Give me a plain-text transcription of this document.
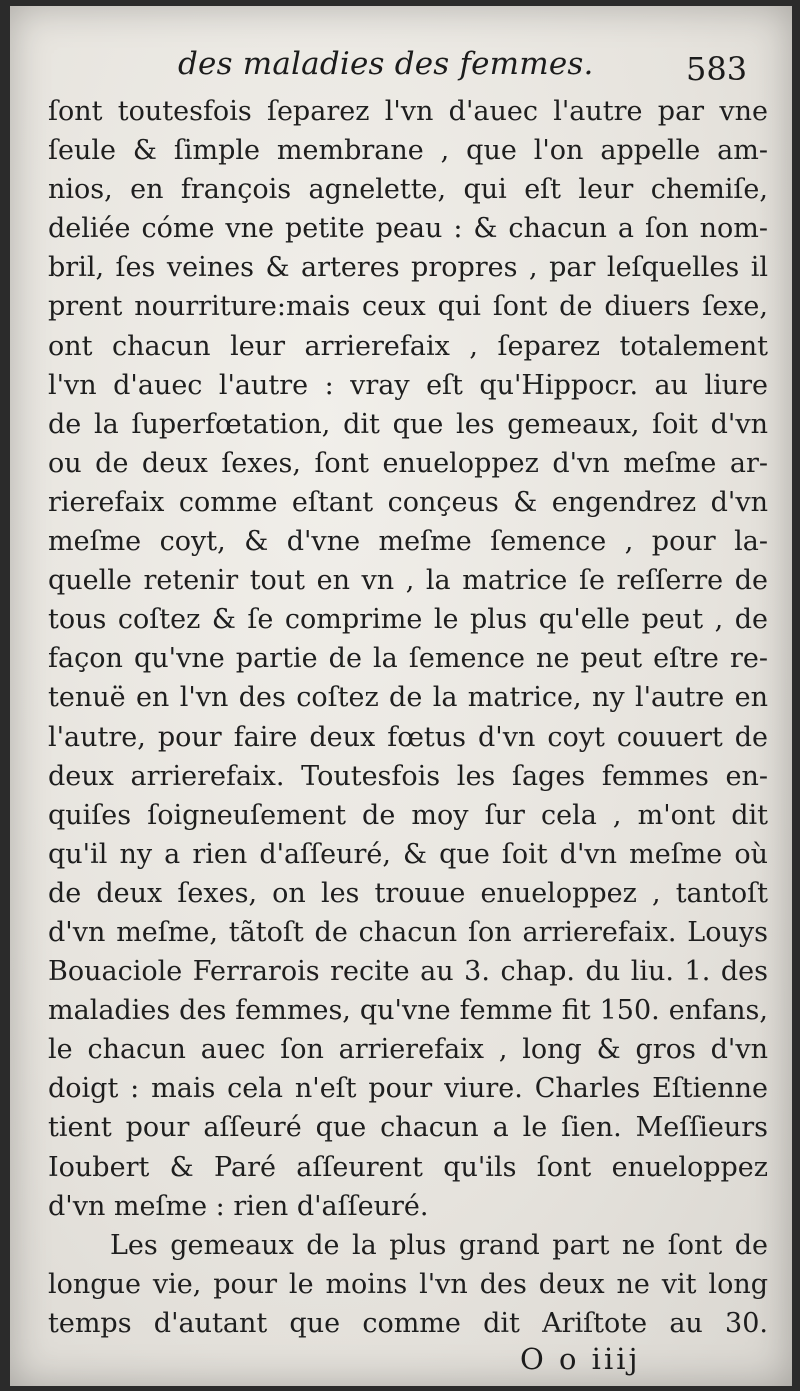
des maladies des femmes.	583
ſont toutesfois ſeparez l'vn d'auec l'autre par vne
ſeule & ſimple membrane , que l'on appelle am-
nios, en françois agnelette, qui eſt leur chemiſe,
deliée cóme vne petite peau : & chacun a ſon nom-
bril, ſes veines & arteres propres , par leſquelles il
prent nourriture:mais ceux qui ſont de diuers ſexe,
ont chacun leur arrierefaix , ſeparez totalement
l'vn d'auec l'autre : vray eſt qu'Hippocr. au liure
de la ſuperfœtation, dit que les gemeaux, ſoit d'vn
ou de deux ſexes, ſont enueloppez d'vn meſme ar-
rierefaix comme eſtant conçeus & engendrez d'vn
meſme coyt, & d'vne meſme ſemence , pour la-
quelle retenir tout en vn , la matrice ſe reſſerre de
tous coſtez & ſe comprime le plus qu'elle peut , de
façon qu'vne partie de la ſemence ne peut eſtre re-
tenuë en l'vn des coſtez de la matrice, ny l'autre en
l'autre, pour faire deux fœtus d'vn coyt couuert de
deux arrierefaix. Toutesfois les ſages femmes en-
quiſes ſoigneuſement de moy ſur cela , m'ont dit
qu'il ny a rien d'aſſeuré, & que ſoit d'vn meſme où
de deux ſexes, on les trouue enueloppez , tantoſt
d'vn meſme, tãtoſt de chacun ſon arrierefaix. Louys
Bouaciole Ferrarois recite au 3. chap. du liu. 1. des
maladies des femmes, qu'vne femme fit 150. enfans,
le chacun auec ſon arrierefaix , long & gros d'vn
doigt : mais cela n'eſt pour viure. Charles Eſtienne
tient pour aſſeuré que chacun a le ſien. Meſſieurs
Ioubert & Paré aſſeurent qu'ils ſont enueloppez
d'vn meſme : rien d'aſſeuré.
Les gemeaux de la plus grand part ne ſont de
longue vie, pour le moins l'vn des deux ne vit long
temps d'autant que comme dit Ariſtote au 30.
O o iiij
